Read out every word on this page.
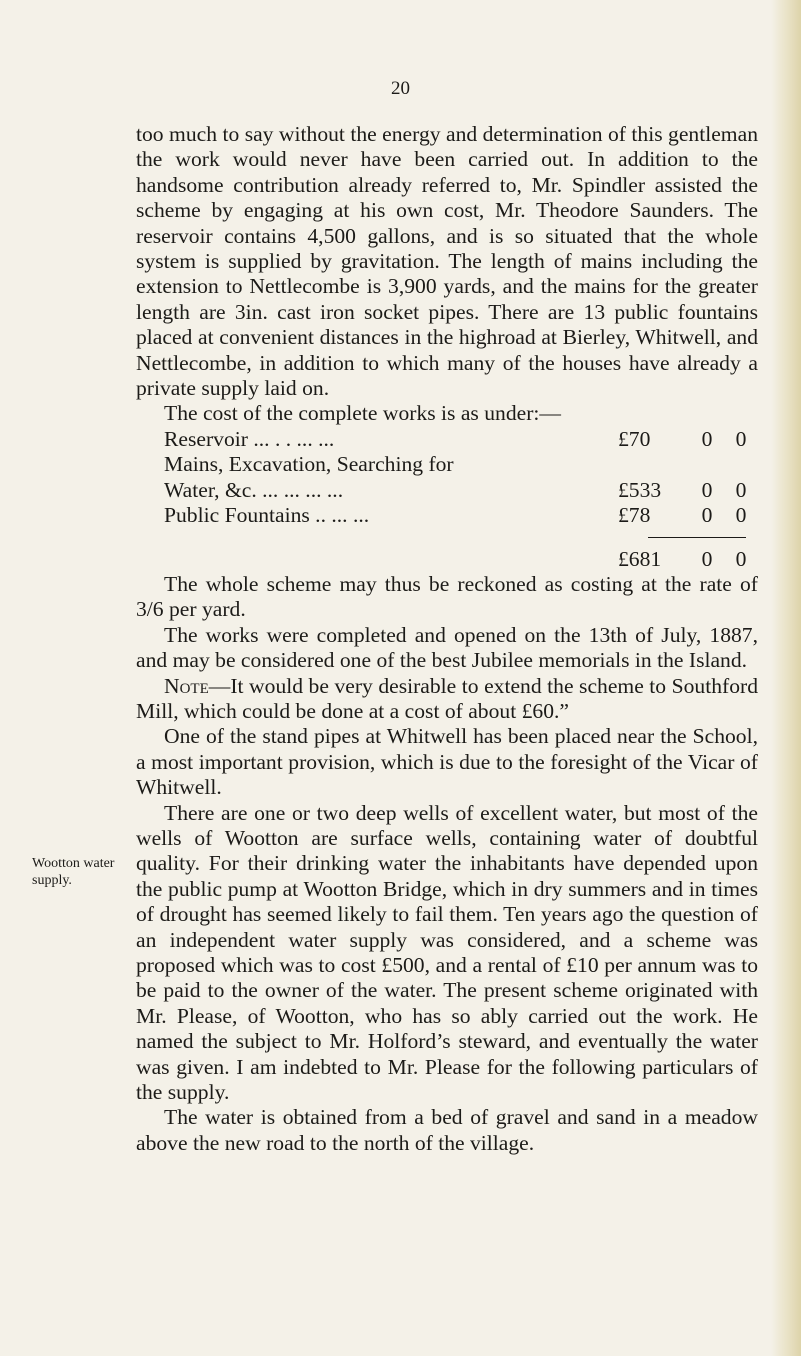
20
Wootton water supply.

too much to say without the energy and determination of this gentleman the work would never have been carried out. In addition to the handsome contribution already referred to, Mr. Spindler assisted the scheme by engaging at his own cost, Mr. Theodore Saunders. The reservoir contains 4,500 gallons, and is so situated that the whole system is supplied by gravitation. The length of mains including the extension to Nettlecombe is 3,900 yards, and the mains for the greater length are 3in. cast iron socket pipes. There are 13 public fountains placed at convenient distances in the highroad at Bierley, Whitwell, and Nettlecombe, in addition to which many of the houses have already a private supply laid on.

The cost of the complete works is as under:—

Reservoir ... . . ... ...	£70	0	0
Mains, Excavation, Searching for			
Water, &c. ... ... ... ...	£533	0	0
Public Fountains .. ... ...	£78	0	0

	£681	0	0

The whole scheme may thus be reckoned as costing at the rate of 3/6 per yard.

The works were completed and opened on the 13th of July, 1887, and may be considered one of the best Jubilee memorials in the Island.

Note—It would be very desirable to extend the scheme to Southford Mill, which could be done at a cost of about £60.”

One of the stand pipes at Whitwell has been placed near the School, a most important provision, which is due to the foresight of the Vicar of Whitwell.

There are one or two deep wells of excellent water, but most of the wells of Wootton are surface wells, containing water of doubtful quality. For their drinking water the inhabitants have depended upon the public pump at Wootton Bridge, which in dry summers and in times of drought has seemed likely to fail them. Ten years ago the question of an independent water supply was considered, and a scheme was proposed which was to cost £500, and a rental of £10 per annum was to be paid to the owner of the water. The present scheme originated with Mr. Please, of Wootton, who has so ably carried out the work. He named the subject to Mr. Holford’s steward, and eventually the water was given. I am indebted to Mr. Please for the following particulars of the supply.

The water is obtained from a bed of gravel and sand in a meadow above the new road to the north of the village.
